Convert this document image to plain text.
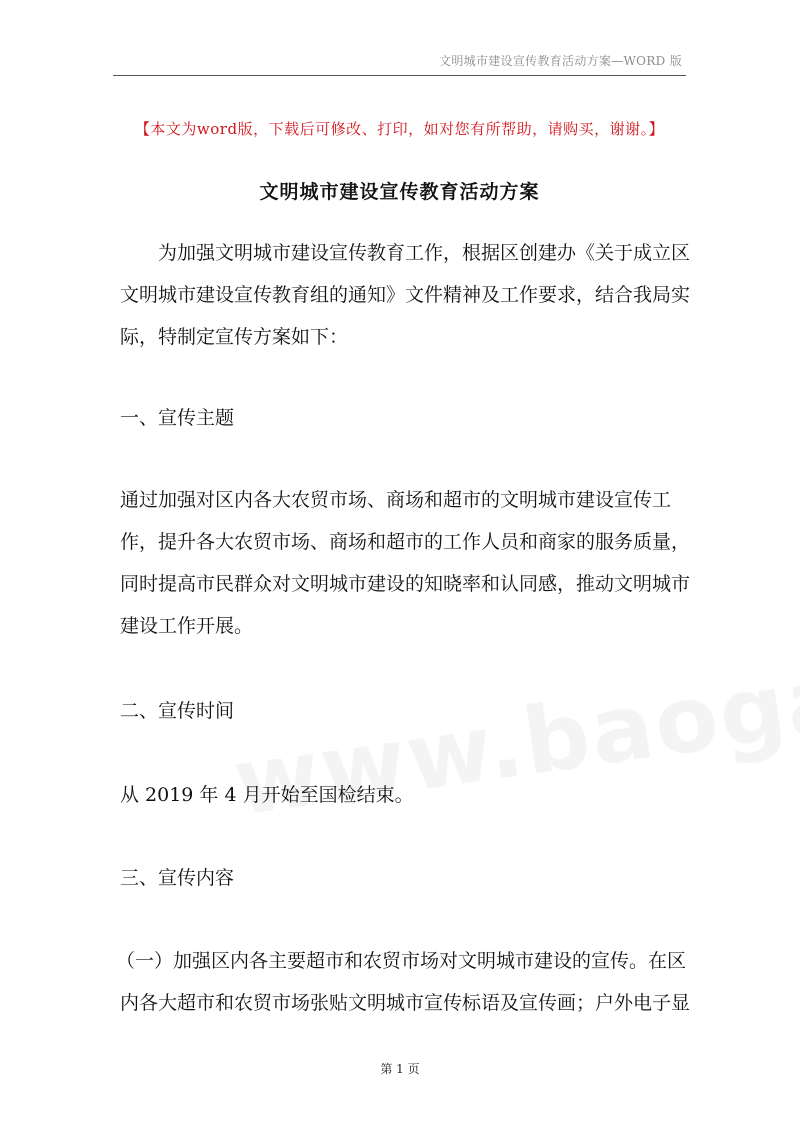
文明城市建设宣传教育活动方案—WORD 版
【本文为word版，下载后可修改、打印，如对您有所帮助，请购买，谢谢。】
文明城市建设宣传教育活动方案
为加强文明城市建设宣传教育工作，根据区创建办《关于成立区
文明城市建设宣传教育组的通知》文件精神及工作要求，结合我局实
际，特制定宣传方案如下：
一、宣传主题
通过加强对区内各大农贸市场、商场和超市的文明城市建设宣传工
作，提升各大农贸市场、商场和超市的工作人员和商家的服务质量，
同时提高市民群众对文明城市建设的知晓率和认同感，推动文明城市
建设工作开展。
二、宣传时间
从 2019 年 4 月开始至国检结束。
三、宣传内容
（一）加强区内各主要超市和农贸市场对文明城市建设的宣传。在区
内各大超市和农贸市场张贴文明城市宣传标语及宣传画；户外电子显
第 1 页
